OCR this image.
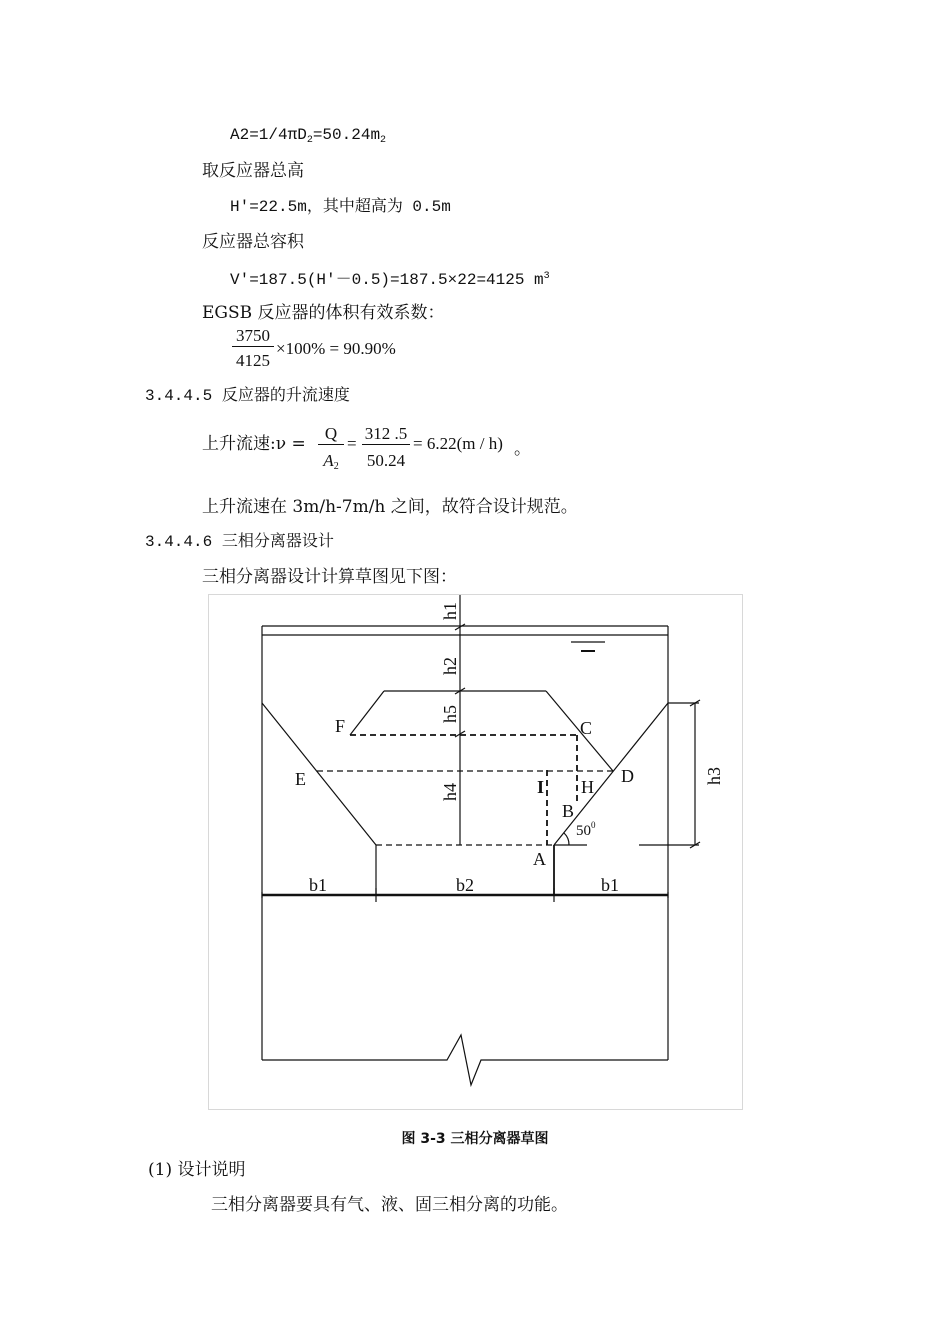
$A2=1/4\pi D_2=50.24m_2$
取反应器总高
H′=22.5m，其中超高为 0.5m
反应器总容积
V′=187.5(H′－0.5)=187.5×22=4125 $m^3$
EGSB 反应器的体积有效系数：
$\frac{3750}{4125} \times 100\% = 90.90\%$
3.4.4.5 反应器的升流速度
上升流速:ν = $\frac{Q}{A_2} = \frac{312 .5}{50.24} = 6.22(m / h)$ 。
上升流速在 3m/h-7m/h 之间，故符合设计规范。
3.4.4.6 三相分离器设计
三相分离器设计计算草图见下图：
F	C
E	D
I H
B
A
$50^0$
b1	b2	b1
h1
h2
h5
h4
h3
图 3-3 三相分离器草图
(1) 设计说明
三相分离器要具有气、液、固三相分离的功能。
